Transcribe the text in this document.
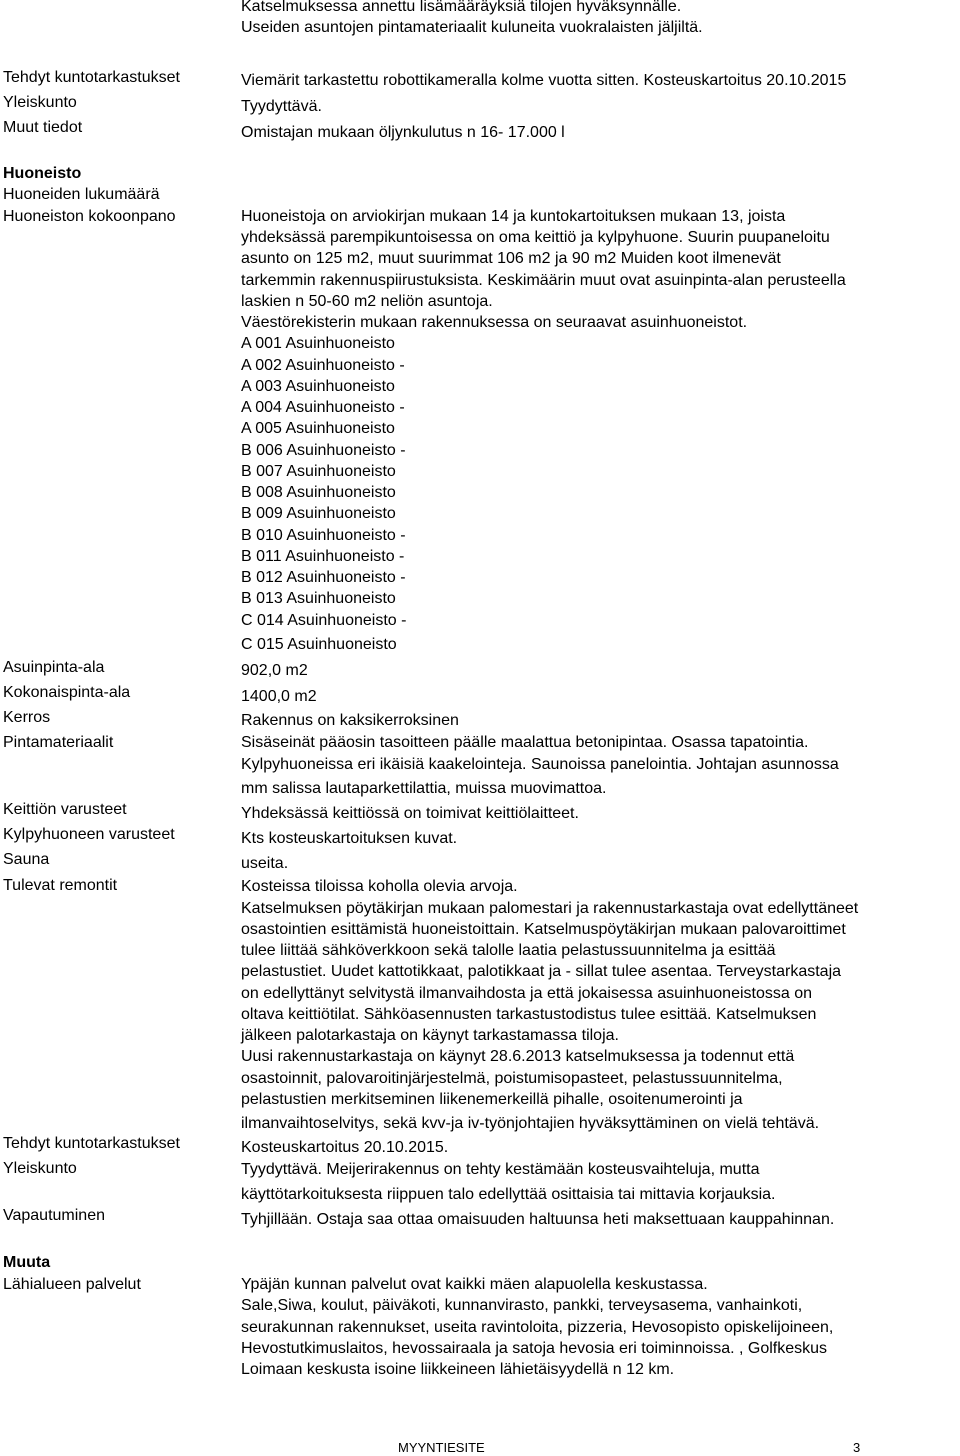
Katselmuksessa annettu lisämääräyksiä tilojen hyväksynnälle.
Useiden asuntojen pintamateriaalit kuluneita vuokralaisten jäljiltä.
Tehdyt kuntotarkastukset	Viemärit tarkastettu robottikameralla kolme vuotta sitten. Kosteuskartoitus 20.10.2015
Yleiskunto	Tyydyttävä.
Muut tiedot	Omistajan mukaan öljynkulutus n 16- 17.000 l
Huoneisto
Huoneiden lukumäärä
Huoneiston kokoonpano	Huoneistoja on arviokirjan mukaan 14 ja kuntokartoituksen mukaan 13, joista
yhdeksässä parempikuntoisessa on oma keittiö ja kylpyhuone. Suurin puupaneloitu
asunto on 125 m2, muut suurimmat 106 m2 ja 90 m2 Muiden koot ilmenevät
tarkemmin rakennuspiirustuksista. Keskimäärin muut ovat asuinpinta-alan perusteella
laskien n 50-60 m2 neliön asuntoja.
Väestörekisterin mukaan rakennuksessa on seuraavat asuinhuoneistot.
A 001 Asuinhuoneisto
A 002 Asuinhuoneisto -
A 003 Asuinhuoneisto
A 004 Asuinhuoneisto -
A 005 Asuinhuoneisto
B 006 Asuinhuoneisto -
B 007 Asuinhuoneisto
B 008 Asuinhuoneisto
B 009 Asuinhuoneisto
B 010 Asuinhuoneisto -
B 011 Asuinhuoneisto -
B 012 Asuinhuoneisto -
B 013 Asuinhuoneisto
C 014 Asuinhuoneisto -
C 015 Asuinhuoneisto
Asuinpinta-ala	902,0 m2
Kokonaispinta-ala	1400,0 m2
Kerros	Rakennus on kaksikerroksinen
Pintamateriaalit	Sisäseinät pääosin tasoitteen päälle maalattua betonipintaa. Osassa tapatointia.
Kylpyhuoneissa eri ikäisiä kaakelointeja. Saunoissa panelointia. Johtajan asunnossa
mm salissa lautaparkettilattia, muissa muovimattoa.
Keittiön varusteet	Yhdeksässä keittiössä on toimivat keittiölaitteet.
Kylpyhuoneen varusteet	Kts kosteuskartoituksen kuvat.
Sauna	useita.
Tulevat remontit	Kosteissa tiloissa koholla olevia arvoja.
Katselmuksen pöytäkirjan mukaan palomestari ja rakennustarkastaja ovat edellyttäneet
osastointien esittämistä huoneistoittain. Katselmuspöytäkirjan mukaan palovaroittimet
tulee liittää sähköverkkoon sekä talolle laatia pelastussuunnitelma ja esittää
pelastustiet. Uudet kattotikkaat, palotikkaat ja - sillat tulee asentaa. Terveystarkastaja
on edellyttänyt selvitystä ilmanvaihdosta ja että jokaisessa asuinhuoneistossa on
oltava keittiötilat. Sähköasennusten tarkastustodistus tulee esittää. Katselmuksen
jälkeen palotarkastaja on käynyt tarkastamassa tiloja.
Uusi rakennustarkastaja on käynyt 28.6.2013 katselmuksessa ja todennut että
osastoinnit, palovaroitinjärjestelmä, poistumisopasteet, pelastussuunnitelma,
pelastustien merkitseminen liikenemerkeillä pihalle, osoitenumerointi ja
ilmanvaihtoselvitys, sekä kvv-ja iv-työnjohtajien hyväksyttäminen on vielä tehtävä.
Tehdyt kuntotarkastukset	Kosteuskartoitus 20.10.2015.
Yleiskunto	Tyydyttävä. Meijerirakennus on tehty kestämään kosteusvaihteluja, mutta
käyttötarkoituksesta riippuen talo edellyttää osittaisia tai mittavia korjauksia.
Vapautuminen	Tyhjillään. Ostaja saa ottaa omaisuuden haltuunsa heti maksettuaan kauppahinnan.
Muuta
Lähialueen palvelut	Ypäjän kunnan palvelut ovat kaikki mäen alapuolella keskustassa.
Sale,Siwa, koulut, päiväkoti, kunnanvirasto, pankki, terveysasema, vanhainkoti,
seurakunnan rakennukset, useita ravintoloita, pizzeria, Hevosopisto opiskelijoineen,
Hevostutkimuslaitos, hevossairaala ja satoja hevosia eri toiminnoissa. , Golfkeskus
Loimaan keskusta isoine liikkeineen lähietäisyydellä n 12 km.
MYYNTIESITE	3
